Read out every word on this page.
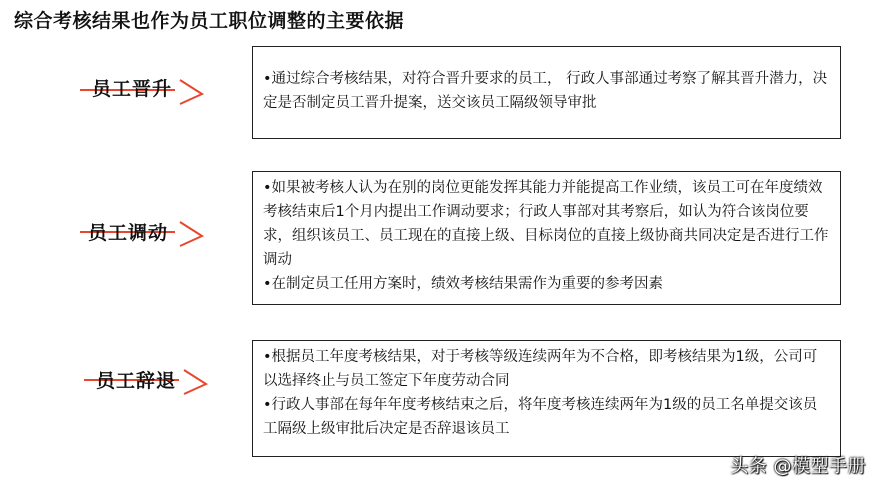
综合考核结果也作为员工职位调整的主要依据
员工晋升	•通过综合考核结果，对符合晋升要求的员工， 行政人事部通过考察了解其晋升潜力，决定是否制定员工晋升提案，送交该员工隔级领导审批

员工调动

•如果被考核人认为在别的岗位更能发挥其能力并能提高工作业绩，该员工可在年度绩效考核结束后1个月内提出工作调动要求；行政人事部对其考察后，如认为符合该岗位要求，组织该员工、员工现在的直接上级、目标岗位的直接上级协商共同决定是否进行工作调动

•在制定员工任用方案时，绩效考核结果需作为重要的参考因素

员工辞退

•根据员工年度考核结果，对于考核等级连续两年为不合格，即考核结果为1级，公司可以选择终止与员工签定下年度劳动合同

•行政人事部在每年年度考核结束之后，将年度考核连续两年为1级的员工名单提交该员工隔级上级审批后决定是否辞退该员工

头条 @模型手册
